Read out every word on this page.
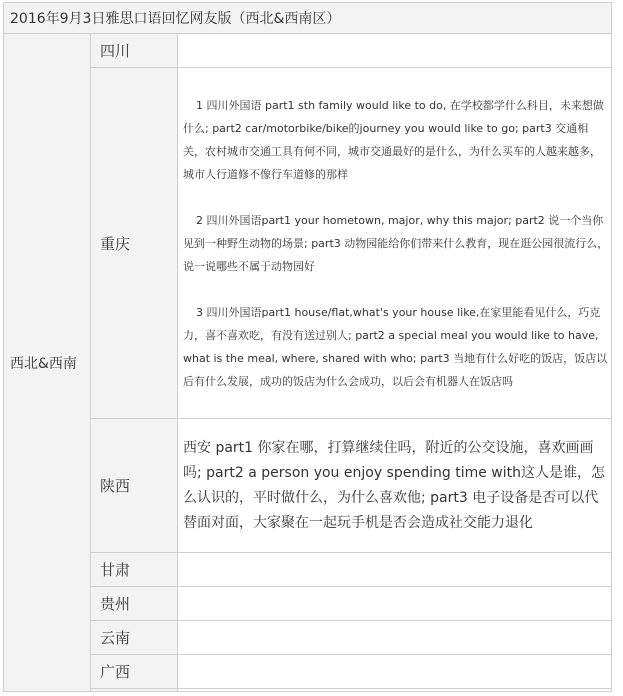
2016年9月3日雅思口语回忆网友版（西北&西南区）		
西北&西南	四川	
	重庆	1 四川外国语 part1 sth family would like to do, 在学校都学什么科目，未来想做什么; part2 car/motorbike/bike的journey you would like to go; part3 交通相关，农村城市交通工具有何不同，城市交通最好的是什么，为什么买车的人越来越多，城市人行道修不像行车道修的那样

2 四川外国语part1 your hometown, major, why this major; part2 说一个当你见到一种野生动物的场景; part3 动物园能给你们带来什么教育，现在逛公园很流行么，说一说哪些不属于动物园好

3 四川外国语part1 house/flat,what's your house like,在家里能看见什么，巧克力，喜不喜欢吃，有没有送过别人; part2 a special meal you would like to have, what is the meal, where, shared with who; part3 当地有什么好吃的饭店，饭店以后有什么发展，成功的饭店为什么会成功，以后会有机器人在饭店吗

	陕西	西安 part1 你家在哪，打算继续住吗，附近的公交设施，喜欢画画吗; part2 a person you enjoy spending time with这人是谁，怎么认识的，平时做什么，为什么喜欢他; part3 电子设备是否可以代替面对面，大家聚在一起玩手机是否会造成社交能力退化

	甘肃	
	贵州	
	云南	
	广西	
